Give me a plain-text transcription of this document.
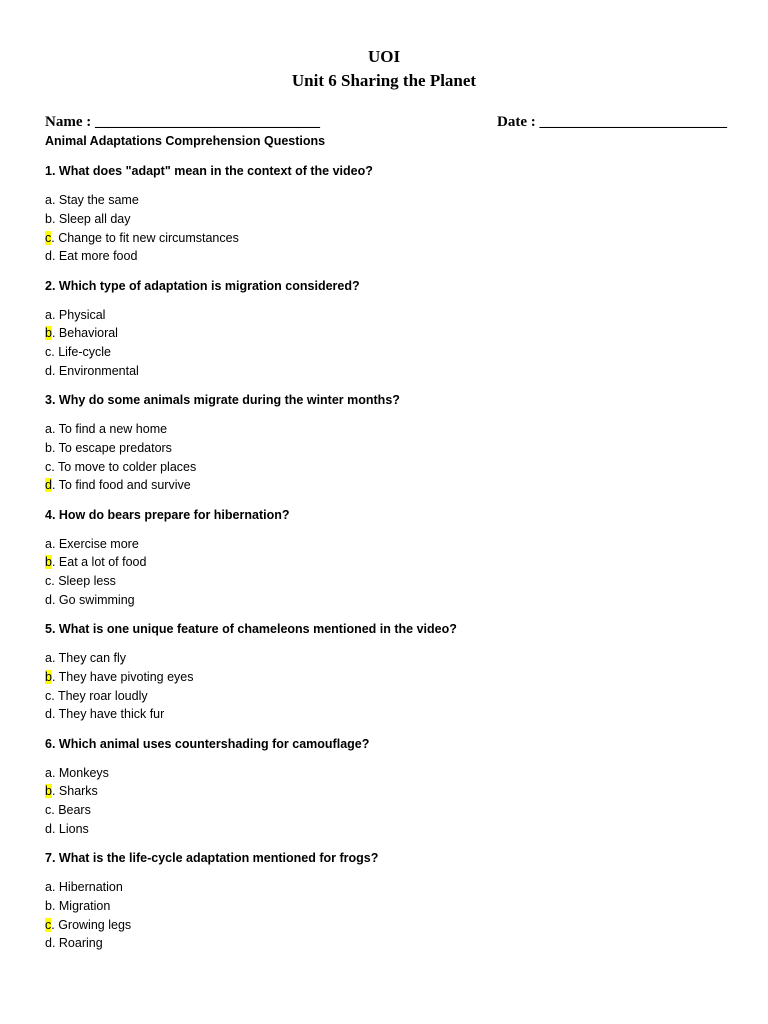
UOI
Unit 6 Sharing the Planet
Name : ______________________________	Date : _________________________
Animal Adaptations Comprehension Questions
1. What does "adapt" mean in the context of the video?
a. Stay the same
b. Sleep all day
c. Change to fit new circumstances
d. Eat more food
2. Which type of adaptation is migration considered?
a. Physical
b. Behavioral
c. Life-cycle
d. Environmental
3. Why do some animals migrate during the winter months?
a. To find a new home
b. To escape predators
c. To move to colder places
d. To find food and survive
4. How do bears prepare for hibernation?
a. Exercise more
b. Eat a lot of food
c. Sleep less
d. Go swimming
5. What is one unique feature of chameleons mentioned in the video?
a. They can fly
b. They have pivoting eyes
c. They roar loudly
d. They have thick fur
6. Which animal uses countershading for camouflage?
a. Monkeys
b. Sharks
c. Bears
d. Lions
7. What is the life-cycle adaptation mentioned for frogs?
a. Hibernation
b. Migration
c. Growing legs
d. Roaring
